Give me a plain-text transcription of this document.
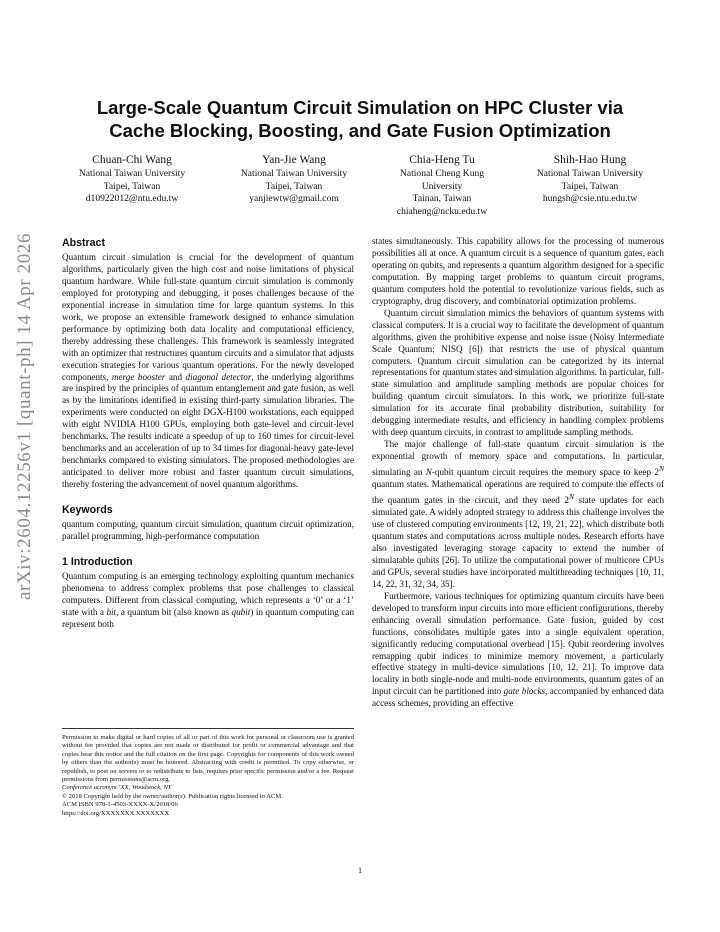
arXiv:2604.12256v1 [quant-ph] 14 Apr 2026
Large-Scale Quantum Circuit Simulation on HPC Cluster via
Cache Blocking, Boosting, and Gate Fusion Optimization
Chuan-Chi Wang
National Taiwan University
Taipei, Taiwan
d10922012@ntu.edu.tw
Yan-Jie Wang
National Taiwan University
Taipei, Taiwan
yanjiewtw@gmail.com
Chia-Heng Tu
National Cheng Kung University
Tainan, Taiwan
chiaheng@ncku.edu.tw
Shih-Hao Hung
National Taiwan University
Taipei, Taiwan
hungsh@csie.ntu.edu.tw
Abstract

Quantum circuit simulation is crucial for the development of quantum algorithms, particularly given the high cost and noise limitations of physical quantum hardware. While full-state quantum circuit simulation is commonly employed for prototyping and debugging, it poses challenges because of the exponential increase in simulation time for large quantum systems. In this work, we propose an extensible framework designed to enhance simulation performance by optimizing both data locality and computational efficiency, thereby addressing these challenges. This framework is seamlessly integrated with an optimizer that restructures quantum circuits and a simulator that adjusts execution strategies for various quantum operations. For the newly developed components, merge booster and diagonal detector, the underlying algorithms are inspired by the principles of quantum entanglement and gate fusion, as well as by the limitations identified in existing third-party simulation libraries. The experiments were conducted on eight DGX-H100 workstations, each equipped with eight NVIDIA H100 GPUs, employing both gate-level and circuit-level benchmarks. The results indicate a speedup of up to 160 times for circuit-level benchmarks and an acceleration of up to 34 times for diagonal-heavy gate-level benchmarks compared to existing simulators. The proposed methodologies are anticipated to deliver more robust and faster quantum circuit simulations, thereby fostering the advancement of novel quantum algorithms.

Keywords

quantum computing, quantum circuit simulation, quantum circuit optimization, parallel programming, high-performance computation

1 Introduction

Quantum computing is an emerging technology exploiting quantum mechanics phenomena to address complex problems that pose challenges to classical computers. Different from classical computing, which represents a ‘0’ or a ‘1’ state with a bit, a quantum bit (also known as qubit) in quantum computing can represent both

Permission to make digital or hard copies of all or part of this work for personal or classroom use is granted without fee provided that copies are not made or distributed for profit or commercial advantage and that copies bear this notice and the full citation on the first page. Copyrights for components of this work owned by others than the author(s) must be honored. Abstracting with credit is permitted. To copy otherwise, or republish, to post on servers or to redistribute to lists, requires prior specific permission and/or a fee. Request permissions from permissions@acm.org.

Conference acronym ’XX, Woodstock, NY

© 2018 Copyright held by the owner/author(s). Publication rights licensed to ACM.

ACM ISBN 978-1-4503-XXXX-X/2018/06

https://doi.org/XXXXXXX.XXXXXXX

states simultaneously. This capability allows for the processing of numerous possibilities all at once. A quantum circuit is a sequence of quantum gates, each operating on qubits, and represents a quantum algorithm designed for a specific computation. By mapping target problems to quantum circuit programs, quantum computers hold the potential to revolutionize various fields, such as cryptography, drug discovery, and combinatorial optimization problems.

Quantum circuit simulation mimics the behaviors of quantum systems with classical computers. It is a crucial way to facilitate the development of quantum algorithms, given the prohibitive expense and noise issue (Noisy Intermediate Scale Quantum; NISQ [6]) that restricts the use of physical quantum computers. Quantum circuit simulation can be categorized by its internal representations for quantum states and simulation algorithms. In particular, full-state simulation and amplitude sampling methods are popular choices for building quantum circuit simulators. In this work, we prioritize full-state simulation for its accurate final probability distribution, suitability for debugging intermediate results, and efficiency in handling complex problems with deep quantum circuits, in contrast to amplitude sampling methods.

The major challenge of full-state quantum circuit simulation is the exponential growth of memory space and computations. In particular, simulating an N-qubit quantum circuit requires the memory space to keep $2^N$ quantum states. Mathematical operations are required to compute the effects of the quantum gates in the circuit, and they need $2^N$ state updates for each simulated gate. A widely adopted strategy to address this challenge involves the use of clustered computing environments [12, 19, 21, 22], which distribute both quantum states and computations across multiple nodes. Research efforts have also investigated leveraging storage capacity to extend the number of simulatable qubits [26]. To utilize the computational power of multicore CPUs and GPUs, several studies have incorporated multithreading techniques [10, 11, 14, 22, 31, 32, 34, 35].

Furthermore, various techniques for optimizing quantum circuits have been developed to transform input circuits into more efficient configurations, thereby enhancing overall simulation performance. Gate fusion, guided by cost functions, consolidates multiple gates into a single equivalent operation, significantly reducing computational overhead [15]. Qubit reordering involves remapping qubit indices to minimize memory movement, a particularly effective strategy in multi-device simulations [10, 12, 21]. To improve data locality in both single-node and multi-node environments, quantum gates of an input circuit can be partitioned into gate blocks, accompanied by enhanced data access schemes, providing an effective

1
